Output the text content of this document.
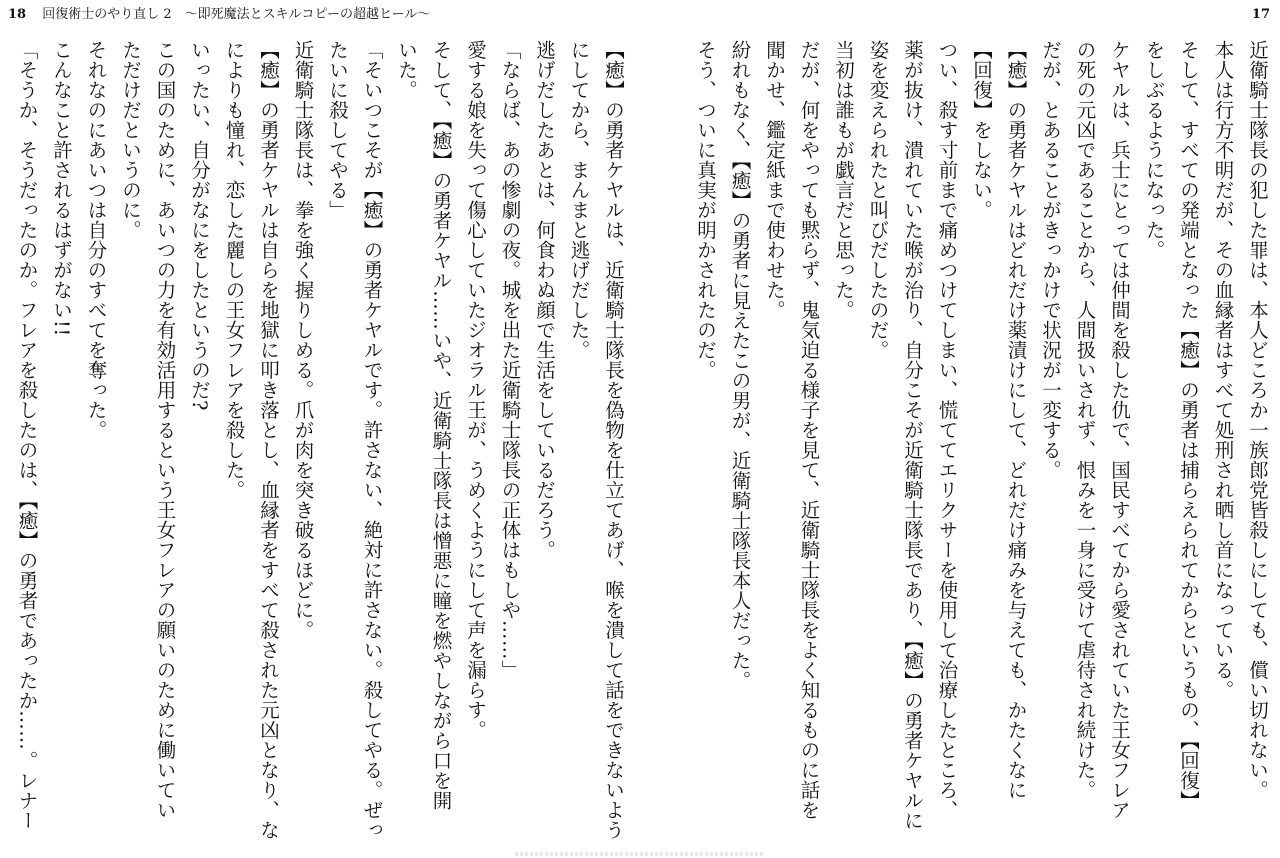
18 回復術士のやり直し 2　～即死魔法とスキルコピーの超越ヒール～
【癒】の勇者ケヤルは、近衛騎士隊長を偽物を仕立てあげ、喉を潰して話をできないよう
にしてから、まんまと逃げだした。
逃げだしたあとは、何食わぬ顔で生活をしているだろう。
「ならば、あの惨劇の夜。城を出た近衛騎士隊長の正体はもしや……」
愛する娘を失って傷心していたジオラル王が、うめくようにして声を漏らす。
そして、【癒】の勇者ケヤル……いや、近衛騎士隊長は憎悪に瞳を燃やしながら口を開
いた。
「そいつこそが【癒】の勇者ケヤルです。許さない、絶対に許さない。殺してやる。ぜっ
たいに殺してやる」
近衛騎士隊長は、拳を強く握りしめる。爪が肉を突き破るほどに。
【癒】の勇者ケヤルは自らを地獄に叩き落とし、血縁者をすべて殺された元凶となり、な
によりも憧れ、恋した麗しの王女フレアを殺した。
いったい、自分がなにをしたというのだ?
この国のために、あいつの力を有効活用するという王女フレアの願いのために働いてい
ただけだというのに。
それなのにあいつは自分のすべてを奪った。
こんなこと許されるはずがない!!
「そうか、そうだったのか。フレアを殺したのは、【癒】の勇者であったか……。レナー
17
近衛騎士隊長の犯した罪は、本人どころか一族郎党皆殺しにしても、償い切れない。
本人は行方不明だが、その血縁者はすべて処刑され晒し首になっている。
そして、すべての発端となった【癒】の勇者は捕らえられてからというもの、【回復】
をしぶるようになった。
ケヤルは、兵士にとっては仲間を殺した仇で、国民すべてから愛されていた王女フレア
の死の元凶であることから、人間扱いされず、恨みを一身に受けて虐待され続けた。
だが、とあることがきっかけで状況が一変する。
【癒】の勇者ケヤルはどれだけ薬漬けにして、どれだけ痛みを与えても、かたくなに
【回復】をしない。
つい、殺す寸前まで痛めつけてしまい、慌ててエリクサーを使用して治療したところ、
薬が抜け、潰れていた喉が治り、自分こそが近衛騎士隊長であり、【癒】の勇者ケヤルに
姿を変えられたと叫びだしたのだ。
当初は誰もが戯言だと思った。
だが、何をやっても黙らず、鬼気迫る様子を見て、近衛騎士隊長をよく知るものに話を
聞かせ、鑑定紙まで使わせた。
紛れもなく、【癒】の勇者に見えたこの男が、近衛騎士隊長本人だった。
そう、ついに真実が明かされたのだ。
